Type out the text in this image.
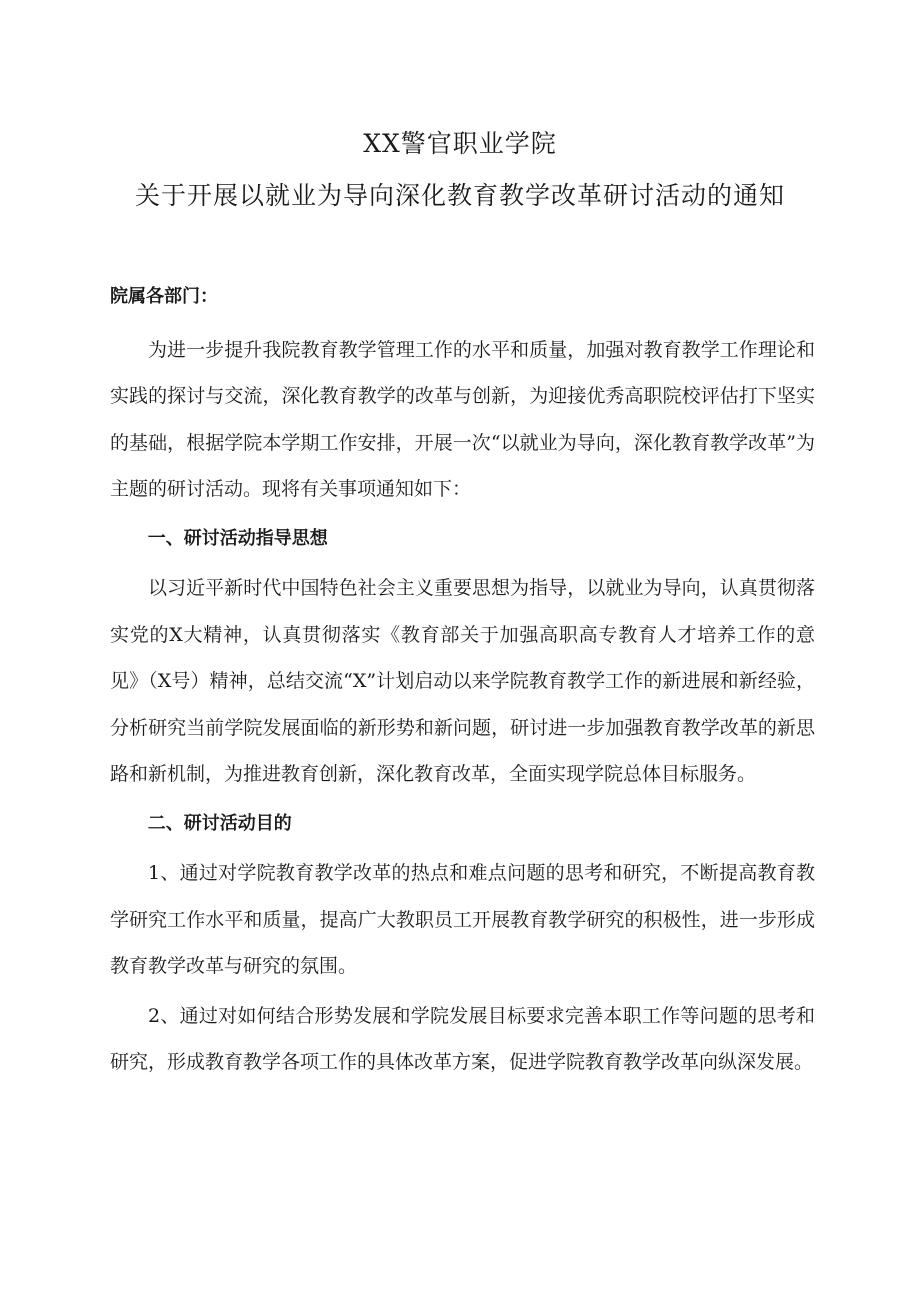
XX警官职业学院
关于开展以就业为导向深化教育教学改革研讨活动的通知

院属各部门：

为进一步提升我院教育教学管理工作的水平和质量，加强对教育教学工作理论和实践的探讨与交流，深化教育教学的改革与创新，为迎接优秀高职院校评估打下坚实的基础，根据学院本学期工作安排，开展一次“以就业为导向，深化教育教学改革”为主题的研讨活动。现将有关事项通知如下：

一、研讨活动指导思想

以习近平新时代中国特色社会主义重要思想为指导，以就业为导向，认真贯彻落实党的X大精神，认真贯彻落实《教育部关于加强高职高专教育人才培养工作的意见》（X号）精神，总结交流“X”计划启动以来学院教育教学工作的新进展和新经验，分析研究当前学院发展面临的新形势和新问题，研讨进一步加强教育教学改革的新思路和新机制，为推进教育创新，深化教育改革，全面实现学院总体目标服务。

二、研讨活动目的

1、通过对学院教育教学改革的热点和难点问题的思考和研究，不断提高教育教学研究工作水平和质量，提高广大教职员工开展教育教学研究的积极性，进一步形成教育教学改革与研究的氛围。

2、通过对如何结合形势发展和学院发展目标要求完善本职工作等问题的思考和研究，形成教育教学各项工作的具体改革方案，促进学院教育教学改革向纵深发展。
